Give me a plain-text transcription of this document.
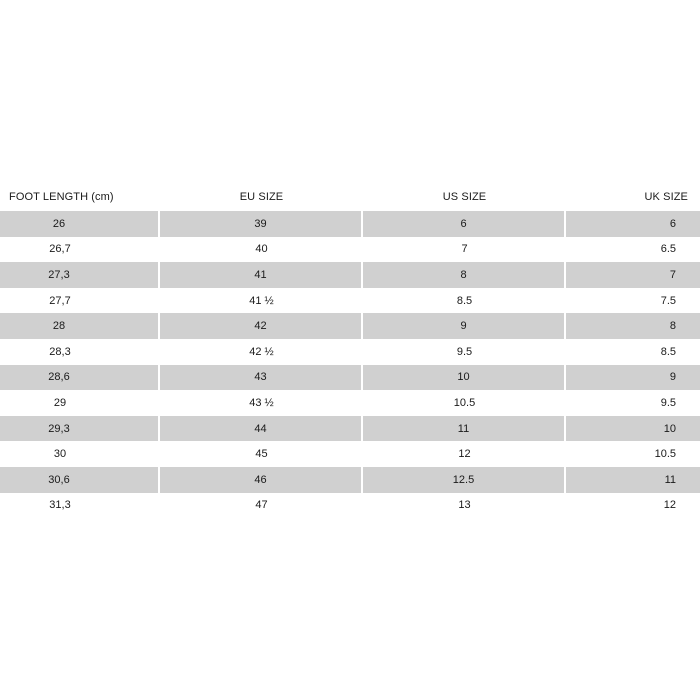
FOOT LENGTH (cm)	EU SIZE	US SIZE	UK SIZE
26	39	6	6
26,7	40	7	6.5
27,3	41	8	7
27,7	41 ½	8.5	7.5
28	42	9	8
28,3	42 ½	9.5	8.5
28,6	43	10	9
29	43 ½	10.5	9.5
29,3	44	11	10
30	45	12	10.5
30,6	46	12.5	11
31,3	47	13	12
